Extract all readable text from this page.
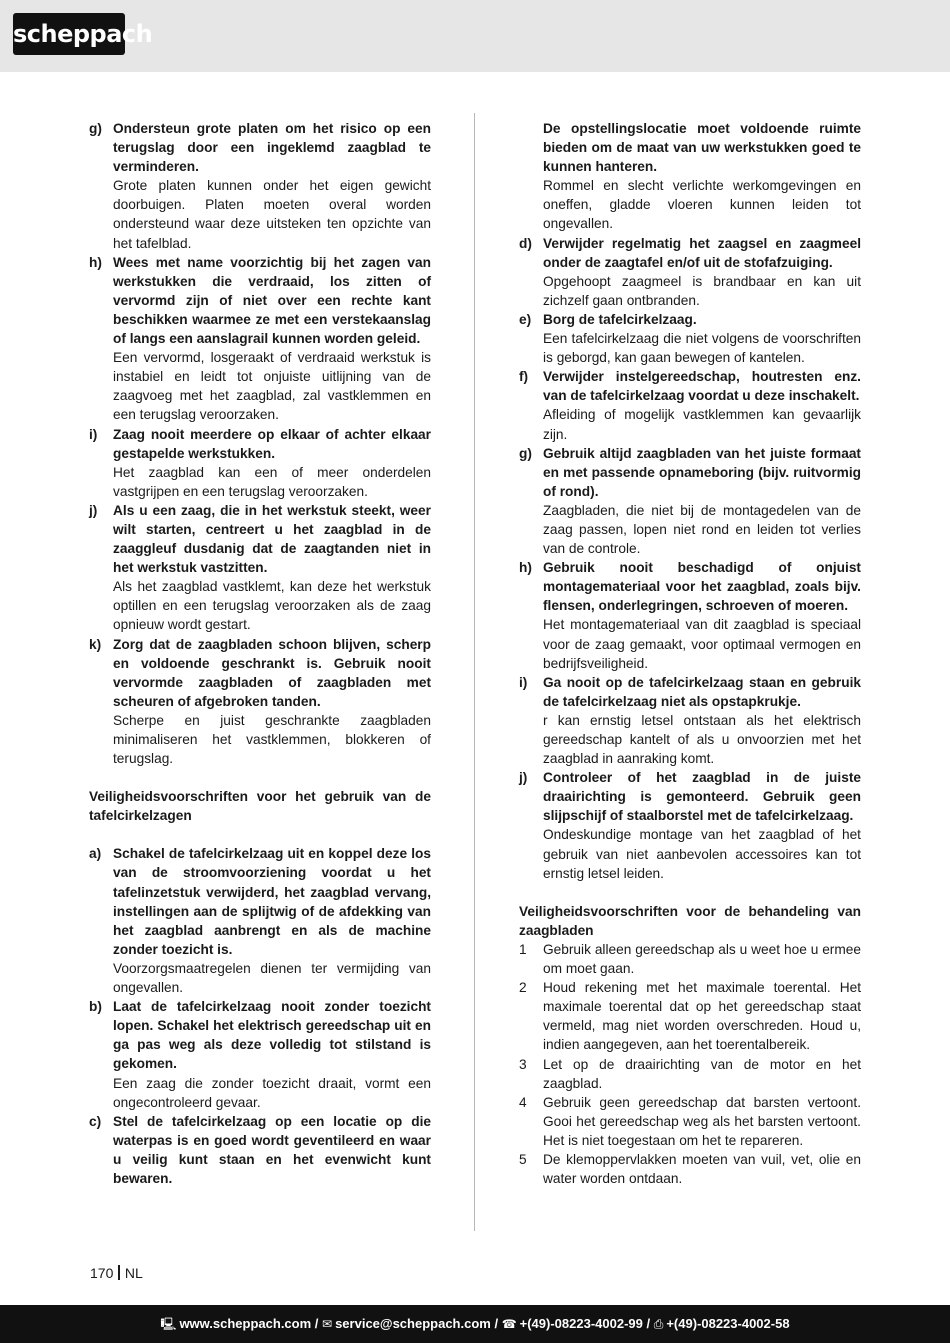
scheppach
g) Ondersteun grote platen om het risico op een terugslag door een ingeklemd zaagblad te verminderen.
Grote platen kunnen onder het eigen gewicht doorbuigen. Platen moeten overal worden ondersteund waar deze uitsteken ten opzichte van het tafelblad.
h) Wees met name voorzichtig bij het zagen van werkstukken die verdraaid, los zitten of vervormd zijn of niet over een rechte kant beschikken waarmee ze met een verstekaanslag of langs een aanslagrail kunnen worden geleid.
Een vervormd, losgeraakt of verdraaid werkstuk is instabiel en leidt tot onjuiste uitlijning van de zaagvoeg met het zaagblad, zal vastklemmen en een terugslag veroorzaken.
i)	Zaag nooit meerdere op elkaar of achter elkaar gestapelde werkstukken.
Het zaagblad kan een of meer onderdelen vastgrijpen en een terugslag veroorzaken.
j)	Als u een zaag, die in het werkstuk steekt, weer wilt starten, centreert u het zaagblad in de zaaggleuf dusdanig dat de zaagtanden niet in het werkstuk vastzitten.
Als het zaagblad vastklemt, kan deze het werkstuk optillen en een terugslag veroorzaken als de zaag opnieuw wordt gestart.
k) Zorg dat de zaagbladen schoon blijven, scherp en voldoende geschrankt is. Gebruik nooit vervormde zaagbladen of zaagbladen met scheuren of afgebroken tanden.
Scherpe en juist geschrankte zaagbladen minimaliseren het vastklemmen, blokkeren of terugslag.
Veiligheidsvoorschriften voor het gebruik van de tafelcirkelzagen
a) Schakel de tafelcirkelzaag uit en koppel deze los van de stroomvoorziening voordat u het tafelinzetstuk verwijderd, het zaagblad vervang, instellingen aan de splijtwig of de afdekking van het zaagblad aanbrengt en als de machine zonder toezicht is.
Voorzorgsmaatregelen dienen ter vermijding van ongevallen.
b) Laat de tafelcirkelzaag nooit zonder toezicht lopen. Schakel het elektrisch gereedschap uit en ga pas weg als deze volledig tot stilstand is gekomen.
Een zaag die zonder toezicht draait, vormt een ongecontroleerd gevaar.
c) Stel de tafelcirkelzaag op een locatie op die waterpas is en goed wordt geventileerd en waar u veilig kunt staan en het evenwicht kunt bewaren.
De opstellingslocatie moet voldoende ruimte bieden om de maat van uw werkstukken goed te kunnen hanteren.
Rommel en slecht verlichte werkomgevingen en oneffen, gladde vloeren kunnen leiden tot ongevallen.
d) Verwijder regelmatig het zaagsel en zaagmeel onder de zaagtafel en/of uit de stofafzuiging.
Opgehoopt zaagmeel is brandbaar en kan uit zichzelf gaan ontbranden.
e) Borg de tafelcirkelzaag.
Een tafelcirkelzaag die niet volgens de voorschriften is geborgd, kan gaan bewegen of kantelen.
f)	Verwijder instelgereedschap, houtresten enz. van de tafelcirkelzaag voordat u deze inschakelt.
Afleiding of mogelijk vastklemmen kan gevaarlijk zijn.
g) Gebruik altijd zaagbladen van het juiste formaat en met passende opnameboring (bijv. ruitvormig of rond).
Zaagbladen, die niet bij de montagedelen van de zaag passen, lopen niet rond en leiden tot verlies van de controle.
h) Gebruik nooit beschadigd of onjuist montagemateriaal voor het zaagblad, zoals bijv. flensen, onderlegringen, schroeven of moeren.
Het montagemateriaal van dit zaagblad is speciaal voor de zaag gemaakt, voor optimaal vermogen en bedrijfsveiligheid.
i)	Ga nooit op de tafelcirkelzaag staan en gebruik de tafelcirkelzaag niet als opstapkrukje.
r kan ernstig letsel ontstaan als het elektrisch gereedschap kantelt of als u onvoorzien met het zaagblad in aanraking komt.
j)	Controleer of het zaagblad in de juiste draairichting is gemonteerd. Gebruik geen slijpschijf of staalborstel met de tafelcirkelzaag.
Ondeskundige montage van het zaagblad of het gebruik van niet aanbevolen accessoires kan tot ernstig letsel leiden.
Veiligheidsvoorschriften voor de behandeling van zaagbladen
1	Gebruik alleen gereedschap als u weet hoe u ermee om moet gaan.
2	Houd rekening met het maximale toerental. Het maximale toerental dat op het gereedschap staat vermeld, mag niet worden overschreden. Houd u, indien aangegeven, aan het toerentalbereik.
3	Let op de draairichting van de motor en het zaagblad.
4	Gebruik geen gereedschap dat barsten vertoont. Gooi het gereedschap weg als het barsten vertoont. Het is niet toegestaan om het te repareren.
5	De klemoppervlakken moeten van vuil, vet, olie en water worden ontdaan.
170 NL
🖳 www.scheppach.com / ✉ service@scheppach.com / ☎ +(49)-08223-4002-99 / ⎙ +(49)-08223-4002-58
